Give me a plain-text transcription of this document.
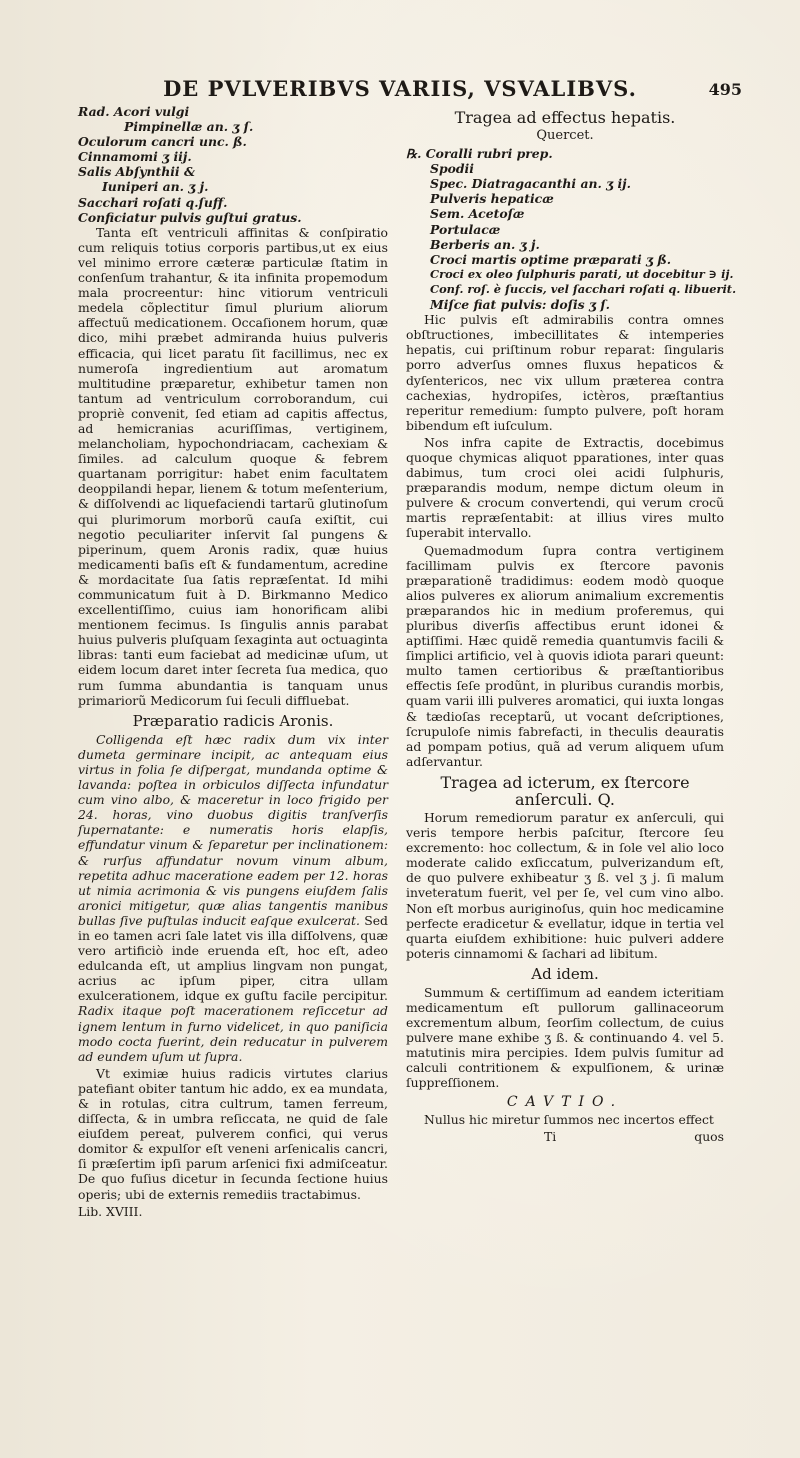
DE PVLVERIBVS VARIIS, VSVALIBVS.	495
Rad. Acori vulgi
Pimpinellæ an. ʒ ſ.
Oculorum cancri unc. ß.
Cinnamomi ʒ iij.
Salis Abſynthii &
Iuniperi an. ʒ j.
Sacchari roſati q.ſuff.
Conficiatur pulvis guſtui gratus.

Tanta eſt ventriculi affinitas & conſpiratio cum reliquis totius corporis partibus,ut ex eius vel minimo errore cæteræ particulæ ſtatim in conſenſum trahantur, & ita infinita propemodum mala procreentur: hinc vitiorum ventriculi medela cõplectitur ſimul plurium aliorum affectuũ medicationem. Occaſionem horum, quæ dico, mihi præbet admiranda huius pulveris efficacia, qui licet paratu ſit facillimus, nec ex numeroſa ingredientium aut aromatum multitudine præparetur, exhibetur tamen non tantum ad ventriculum corroborandum, cui propriè convenit, ſed etiam ad capitis affectus, ad hemicranias acuriſſimas, vertiginem, melancholiam, hypochondriacam, cachexiam & ſimiles. ad calculum quoque & febrem quartanam porrigitur: habet enim facultatem deoppilandi hepar, lienem & totum meſenterium, & diſſolvendi ac liquefaciendi tartarũ glutinoſum qui plurimorum morborũ cauſa exiſtit, cui negotio peculiariter inſervit ſal pungens & piperinum, quem Aronis radix, quæ huius medicamenti baſis eſt & fundamentum, acredine & mordacitate ſua ſatis repræſentat. Id mihi communicatum fuit à D. Birkmanno Medico excellentiſſimo, cuius iam honorificam alibi mentionem fecimus. Is ſingulis annis parabat huius pulveris pluſquam ſexaginta aut octuaginta libras: tanti eum faciebat ad medicinæ uſum, ut eidem locum daret inter ſecreta ſua medica, quo rum ſumma abundantia is tanquam unus primariorũ Medicorum ſui ſeculi diffluebat.

Præparatio radicis Aronis.

Colligenda eſt hæc radix dum vix inter dumeta germinare incipit, ac antequam eius virtus in folia ſe diſpergat, mundanda optime & lavanda: poſtea in orbiculos diſſecta infundatur cum vino albo, & maceretur in loco frigido per 24. horas, vino duobus digitis tranſverſis ſupernatante: e numeratis horis elapſis, effundatur vinum & ſeparetur per inclinationem: & rurſus affundatur novum vinum album, repetita adhuc maceratione eadem per 12. horas ut nimia acrimonia & vis pungens eiuſdem ſalis aronici mitigetur, quæ alias tangentis manibus bullas ſive puſtulas inducit eaſque exulcerat. Sed in eo tamen acri ſale latet vis illa diſſolvens, quæ vero artificiò inde eruenda eſt, hoc eſt, adeo edulcanda eſt, ut amplius lingvam non pungat, acrius ac ipſum piper, citra ullam exulcerationem, idque ex guſtu facile percipitur. Radix itaque poſt macerationem reſiccetur ad ignem lentum in furno videlicet, in quo paniſicia modo cocta fuerint, dein reducatur in pulverem ad eundem uſum ut ſupra.

Vt eximiæ huius radicis virtutes clarius patefiant obiter tantum hic addo, ex ea mundata, & in rotulas, citra cultrum, tamen ferreum, diſſecta, & in umbra reſiccata, ne quid de ſale eiuſdem pereat, pulverem confici, qui verus domitor & expulſor eſt veneni arſenicalis cancri, ſi præſertim ipſi parum arſenici fixi admiſceatur. De quo fuſius dicetur in ſecunda ſectione huius operis; ubi de externis remediis tractabimus.

Lib. XVIII.
Tragea ad effectus hepatis.
Quercet.
℞. Coralli rubri prep.
Spodii
Spec. Diatragacanthi an. ʒ ij.
Pulveris hepaticæ
Sem. Acetoſæ
Portulacæ
Berberis an. ʒ j.
Croci martis optime præparati ʒ ß.
Croci ex oleo ſulphuris parati, ut docebitur ∋ ij.
Conf. roſ. è ſuccis, vel ſacchari roſati q. libuerit.
Miſce fiat pulvis: doſis ʒ ſ.

Hic pulvis eſt admirabilis contra omnes obſtructiones, imbecillitates & intemperies hepatis, cui priſtinum robur reparat: ſingularis porro adverſus omnes fluxus hepaticos & dyſentericos, nec vix ullum præterea contra cachexias, hydropiſes, ictèros, præſtantius reperitur remedium: ſumpto pulvere, poſt horam bibendum eſt iuſculum.

Nos infra capite de Extractis, docebimus quoque chymicas aliquot pparationes, inter quas dabimus, tum croci olei acidi ſulphuris, præparandis modum, nempe dictum oleum in pulvere & crocum convertendi, qui verum crocũ martis repræſentabit: at illius vires multo ſuperabit intervallo.

Quemadmodum ſupra contra vertiginem facillimam pulvis ex ſtercore pavonis præparationẽ tradidimus: eodem modò quoque alios pulveres ex aliorum animalium excrementis præparandos hic in medium proferemus, qui pluribus diverſis affectibus erunt idonei & aptiſſimi. Hæc quidẽ remedia quantumvis facili & ſimplici artificio, vel à quovis idiota parari queunt: multo tamen certioribus & præſtantioribus effectis ſeſe prodũnt, in pluribus curandis morbis, quam varii illi pulveres aromatici, qui iuxta longas & tædioſas receptarũ, ut vocant deſcriptiones, ſcrupuloſe nimis fabrefacti, in theculis deauratis ad pompam potius, quã ad verum aliquem uſum adſervantur.

Tragea ad icterum, ex ſtercore anſerculi. Q.

Horum remediorum paratur ex anſerculi, qui veris tempore herbis paſcitur, ſtercore ſeu excremento: hoc collectum, & in ſole vel alio loco moderate calido exſiccatum, pulverizandum eſt, de quo pulvere exhibeatur ʒ ß. vel ʒ j. ſi malum inveteratum fuerit, vel per ſe, vel cum vino albo. Non eſt morbus auriginoſus, quin hoc medicamine perfecte eradicetur & evellatur, idque in tertia vel quarta eiuſdem exhibitione: huic pulveri addere poteris cinnamomi & ſachari ad libitum.

Ad idem.

Summum & certiſſimum ad eandem icteritiam medicamentum eſt pullorum gallinaceorum excrementum album, ſeorſim collectum, de cuius pulvere mane exhibe ʒ ß. & continuando 4. vel 5. matutinis mira percipies. Idem pulvis ſumitur ad calculi contritionem & expulſionem, & urinæ ſuppreſſionem.

CAVTIO.

Nullus hic miretur ſummos nec incertos effect

Ti	quos
